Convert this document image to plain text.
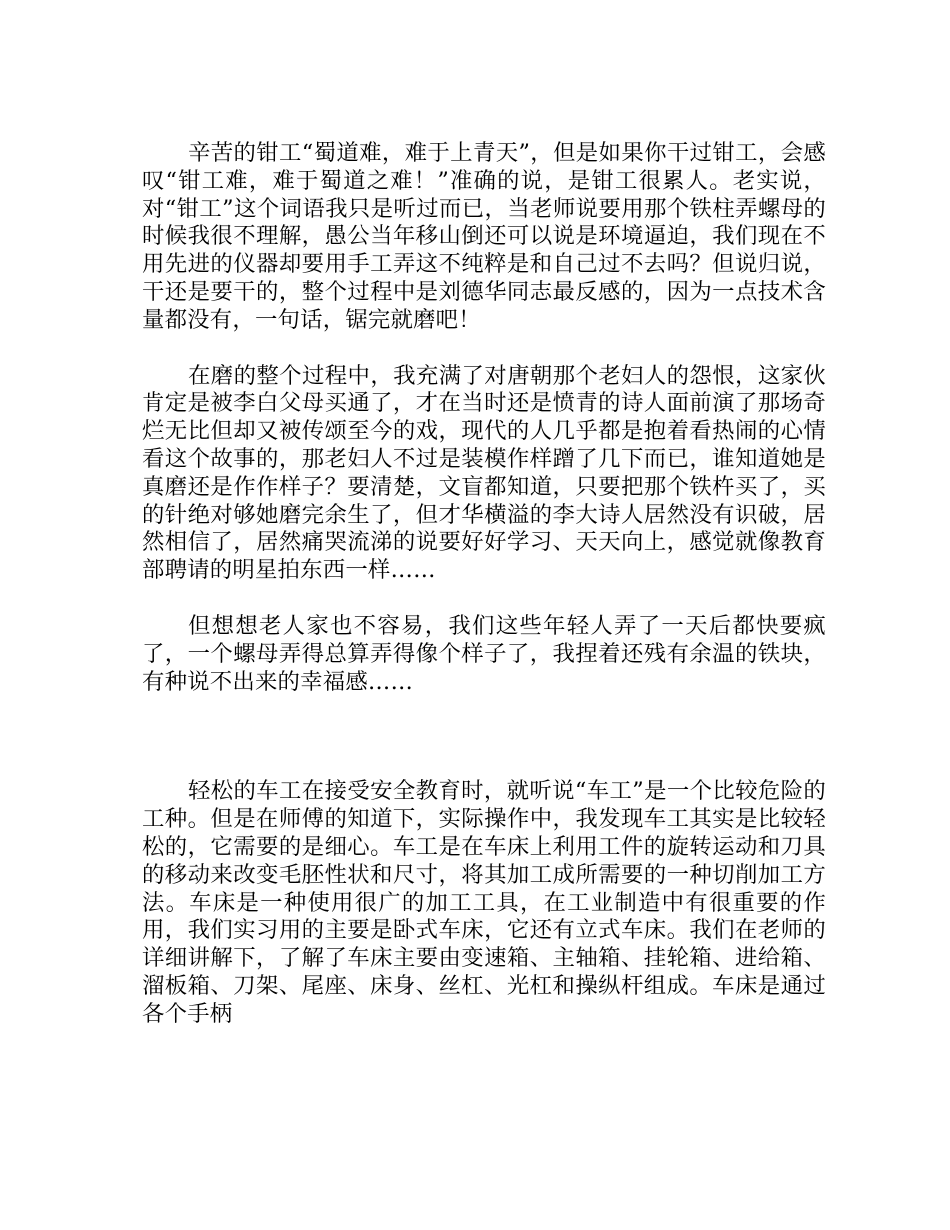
辛苦的钳工“蜀道难，难于上青天”，但是如果你干过钳工，会感叹“钳工难，难于蜀道之难！”准确的说，是钳工很累人。老实说，对“钳工”这个词语我只是听过而已，当老师说要用那个铁柱弄螺母的时候我很不理解，愚公当年移山倒还可以说是环境逼迫，我们现在不用先进的仪器却要用手工弄这不纯粹是和自己过不去吗？但说归说，干还是要干的，整个过程中是刘德华同志最反感的，因为一点技术含量都没有，一句话，锯完就磨吧！

在磨的整个过程中，我充满了对唐朝那个老妇人的怨恨，这家伙肯定是被李白父母买通了，才在当时还是愤青的诗人面前演了那场奇烂无比但却又被传颂至今的戏，现代的人几乎都是抱着看热闹的心情看这个故事的，那老妇人不过是装模作样蹭了几下而已，谁知道她是真磨还是作作样子？要清楚，文盲都知道，只要把那个铁杵买了，买的针绝对够她磨完余生了，但才华横溢的李大诗人居然没有识破，居然相信了，居然痛哭流涕的说要好好学习、天天向上，感觉就像教育部聘请的明星拍东西一样……

但想想老人家也不容易，我们这些年轻人弄了一天后都快要疯了，一个螺母弄得总算弄得像个样子了，我捏着还残有余温的铁块，有种说不出来的幸福感……

轻松的车工在接受安全教育时，就听说“车工”是一个比较危险的工种。但是在师傅的知道下，实际操作中，我发现车工其实是比较轻松的，它需要的是细心。车工是在车床上利用工件的旋转运动和刀具的移动来改变毛胚性状和尺寸，将其加工成所需要的一种切削加工方法。车床是一种使用很广的加工工具，在工业制造中有很重要的作用，我们实习用的主要是卧式车床，它还有立式车床。我们在老师的详细讲解下，了解了车床主要由变速箱、主轴箱、挂轮箱、进给箱、溜板箱、刀架、尾座、床身、丝杠、光杠和操纵杆组成。车床是通过各个手柄
